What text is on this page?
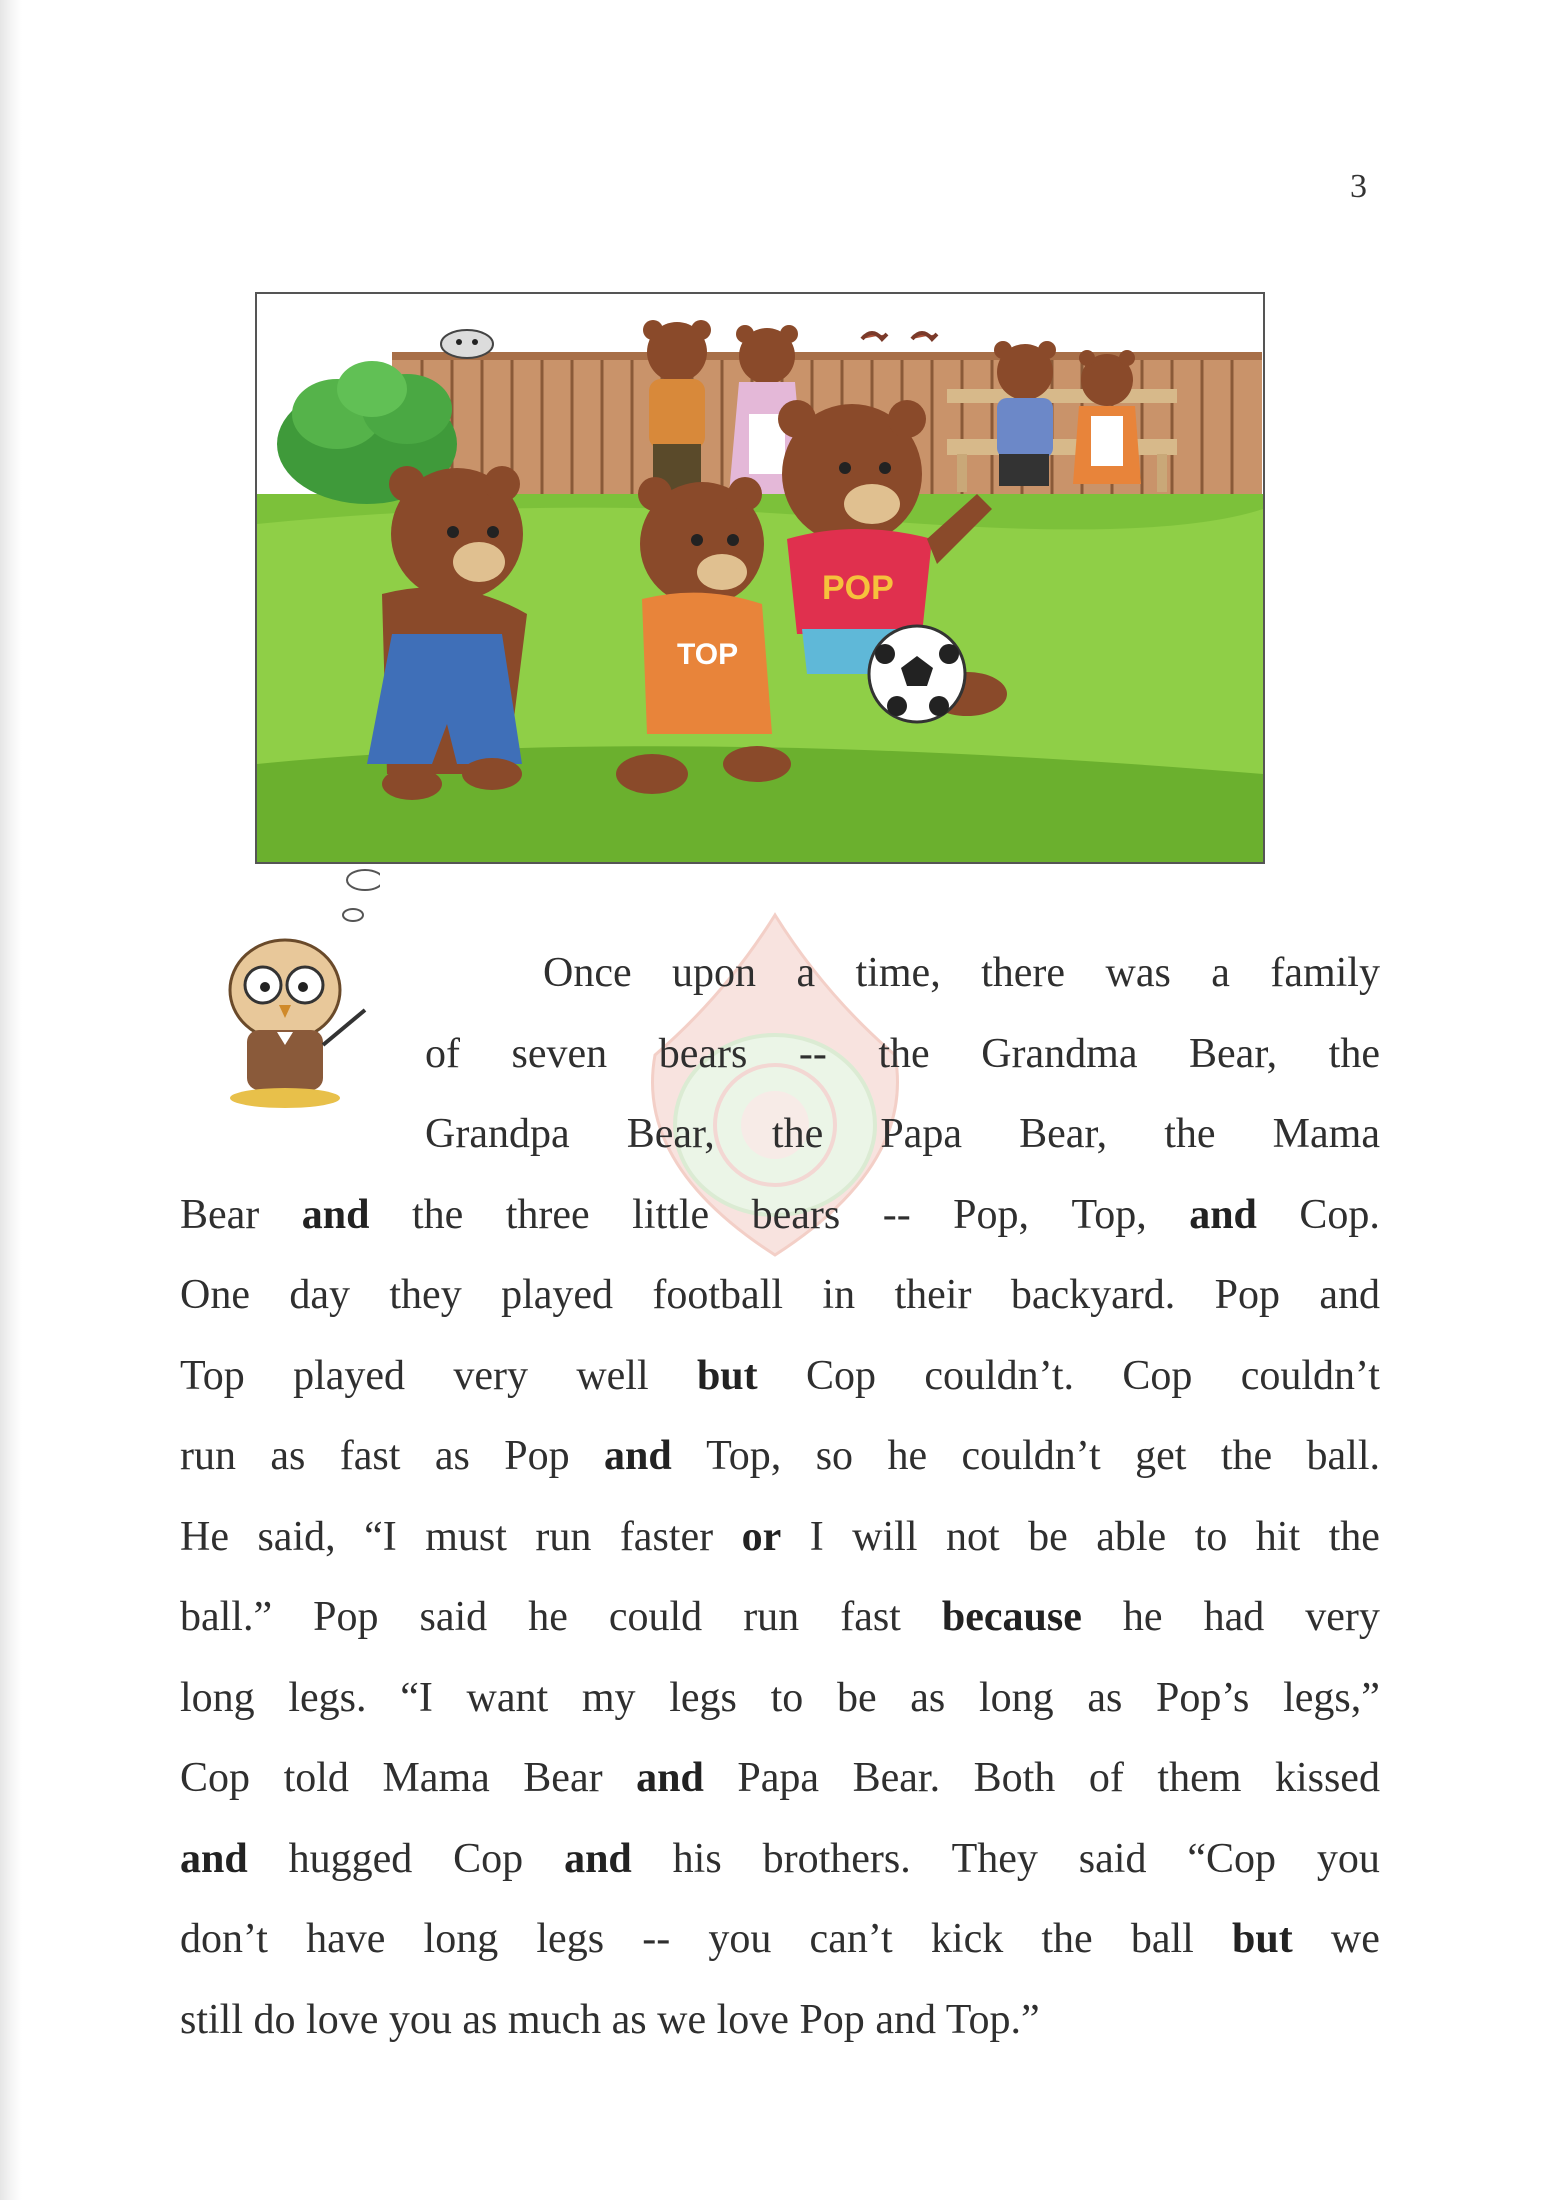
3
TOP
POP
Once upon a time, there was a family
of seven bears -- the Grandma Bear, the
Grandpa Bear, the Papa Bear, the Mama
Bear and the three little bears -- Pop, Top, and Cop.
One day they played football in their backyard. Pop and
Top played very well but Cop couldn’t. Cop couldn’t
run as fast as Pop and Top, so he couldn’t get the ball.
He said, “I must run faster or I will not be able to hit the
ball.” Pop said he could run fast because he had very
long legs. “I want my legs to be as long as Pop’s legs,”
Cop told Mama Bear and Papa Bear. Both of them kissed
and hugged Cop and his brothers. They said “Cop you
don’t have long legs -- you can’t kick the ball but we
still do love you as much as we love Pop and Top.”
